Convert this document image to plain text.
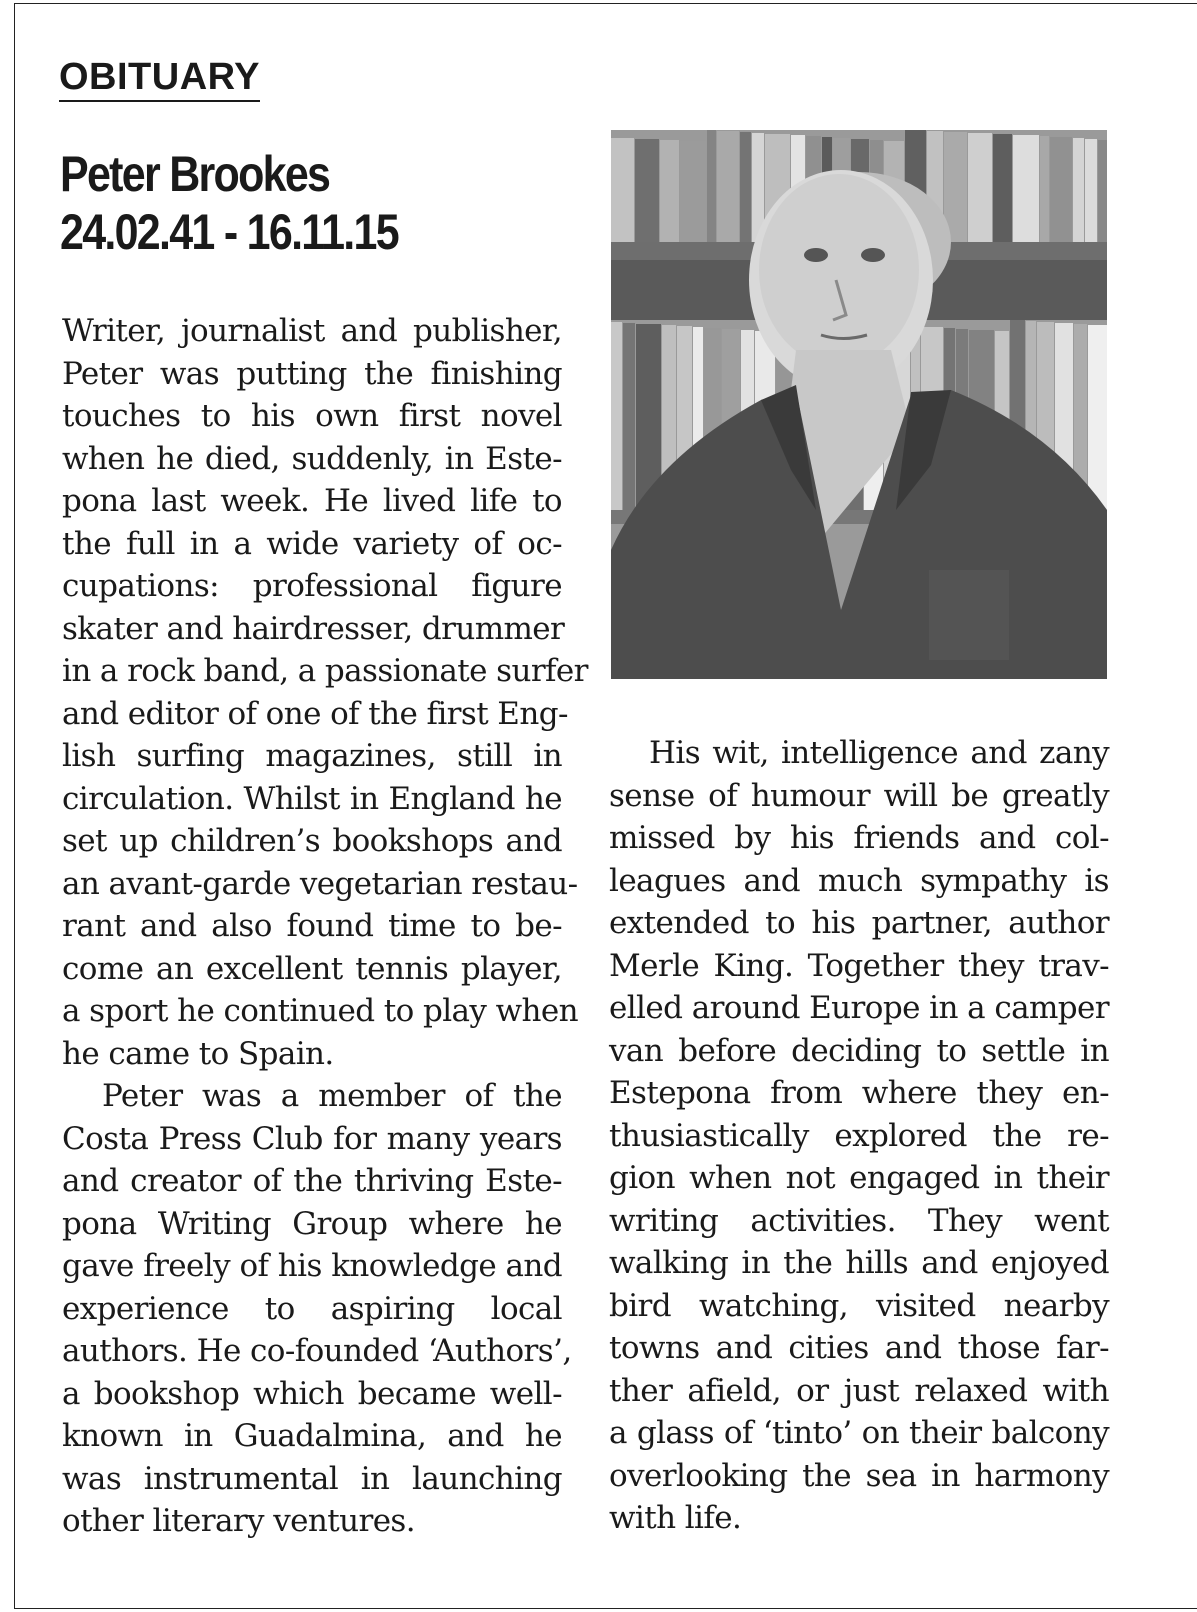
OBITUARY
Peter Brookes
24.02.41 - 16.11.15

Writer, journalist and publisher,
Peter was putting the finishing
touches to his own first novel
when he died, suddenly, in Este-
pona last week. He lived life to
the full in a wide variety of oc-
cupations: professional figure
skater and hairdresser, drummer
in a rock band, a passionate surfer
and editor of one of the first Eng-
lish surfing magazines, still in
circulation. Whilst in England he
set up children’s bookshops and
an avant-garde vegetarian restau-
rant and also found time to be-
come an excellent tennis player,
a sport he continued to play when
he came to Spain.

Peter was a member of the
Costa Press Club for many years
and creator of the thriving Este-
pona Writing Group where he
gave freely of his knowledge and
experience to aspiring local
authors. He co-founded ‘Authors’,
a bookshop which became well-
known in Guadalmina, and he
was instrumental in launching
other literary ventures.

His wit, intelligence and zany
sense of humour will be greatly
missed by his friends and col-
leagues and much sympathy is
extended to his partner, author
Merle King. Together they trav-
elled around Europe in a camper
van before deciding to settle in
Estepona from where they en-
thusiastically explored the re-
gion when not engaged in their
writing activities. They went
walking in the hills and enjoyed
bird watching, visited nearby
towns and cities and those far-
ther afield, or just relaxed with
a glass of ‘tinto’ on their balcony
overlooking the sea in harmony
with life.
